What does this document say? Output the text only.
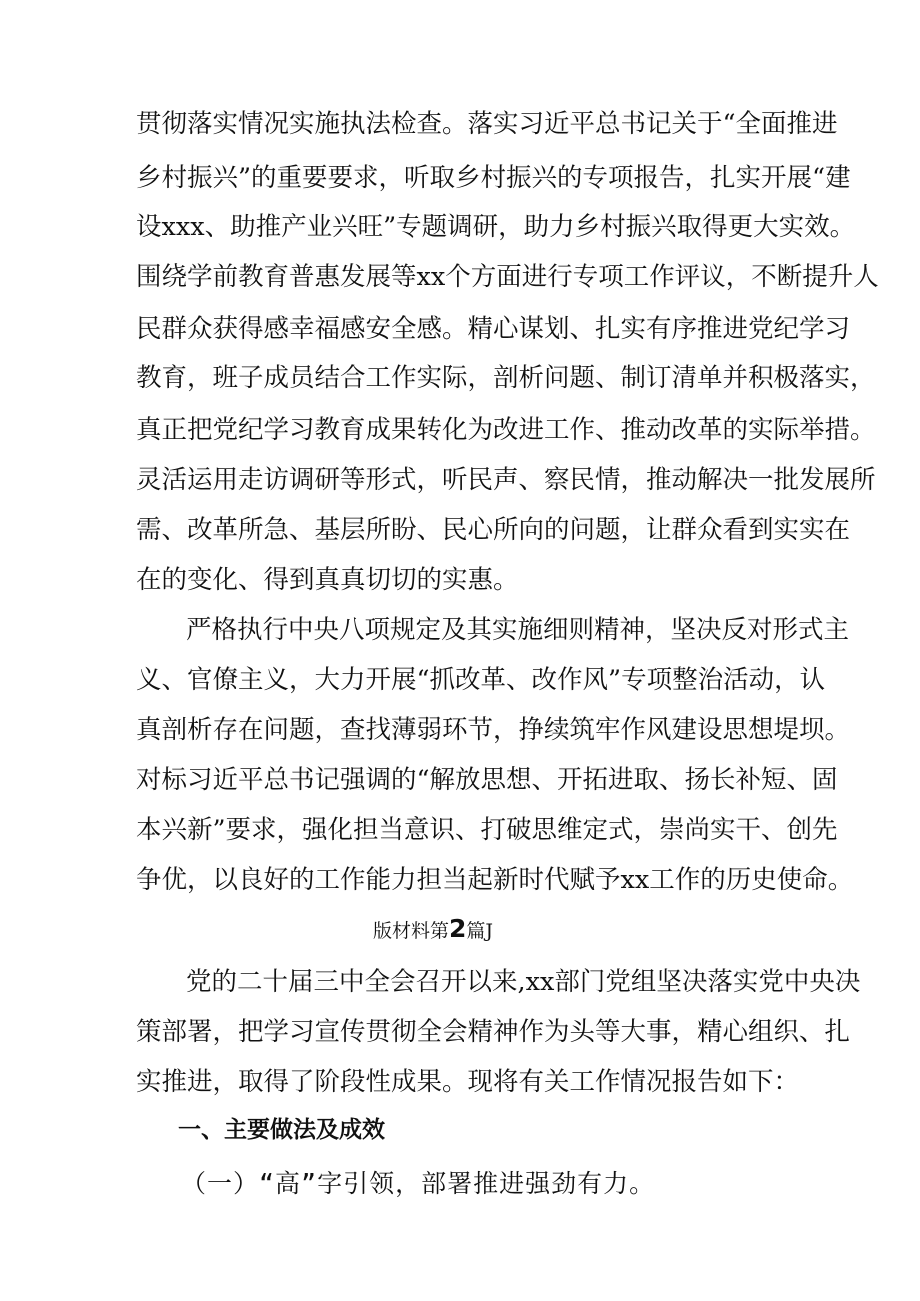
贯彻落实情况实施执法检查。落实习近平总书记关于“全面推进
乡村振兴”的重要要求，听取乡村振兴的专项报告，扎实开展“建
设xxx、助推产业兴旺”专题调研，助力乡村振兴取得更大实效。
围绕学前教育普惠发展等xx个方面进行专项工作评议，不断提升人
民群众获得感幸福感安全感。精心谋划、扎实有序推进党纪学习
教育，班子成员结合工作实际，剖析问题、制订清单并积极落实，
真正把党纪学习教育成果转化为改进工作、推动改革的实际举措。
灵活运用走访调研等形式，听民声、察民情，推动解决一批发展所
需、改革所急、基层所盼、民心所向的问题，让群众看到实实在
在的变化、得到真真切切的实惠。
严格执行中央八项规定及其实施细则精神，坚决反对形式主
义、官僚主义，大力开展“抓改革、改作风”专项整治活动，认
真剖析存在问题，查找薄弱环节，挣续筑牢作风建设思想堤坝。
对标习近平总书记强调的“解放思想、开拓进取、扬长补短、固
本兴新”要求，强化担当意识、打破思维定式，崇尚实干、创先
争优，以良好的工作能力担当起新时代赋予xx工作的历史使命。
版材料第2篇J
党的二十届三中全会召开以来,xx部门党组坚决落实党中央决
策部署，把学习宣传贯彻全会精神作为头等大事，精心组织、扎
实推进，取得了阶段性成果。现将有关工作情况报告如下：
一、主要做法及成效
（一）“高”字引领，部署推进强劲有力。
